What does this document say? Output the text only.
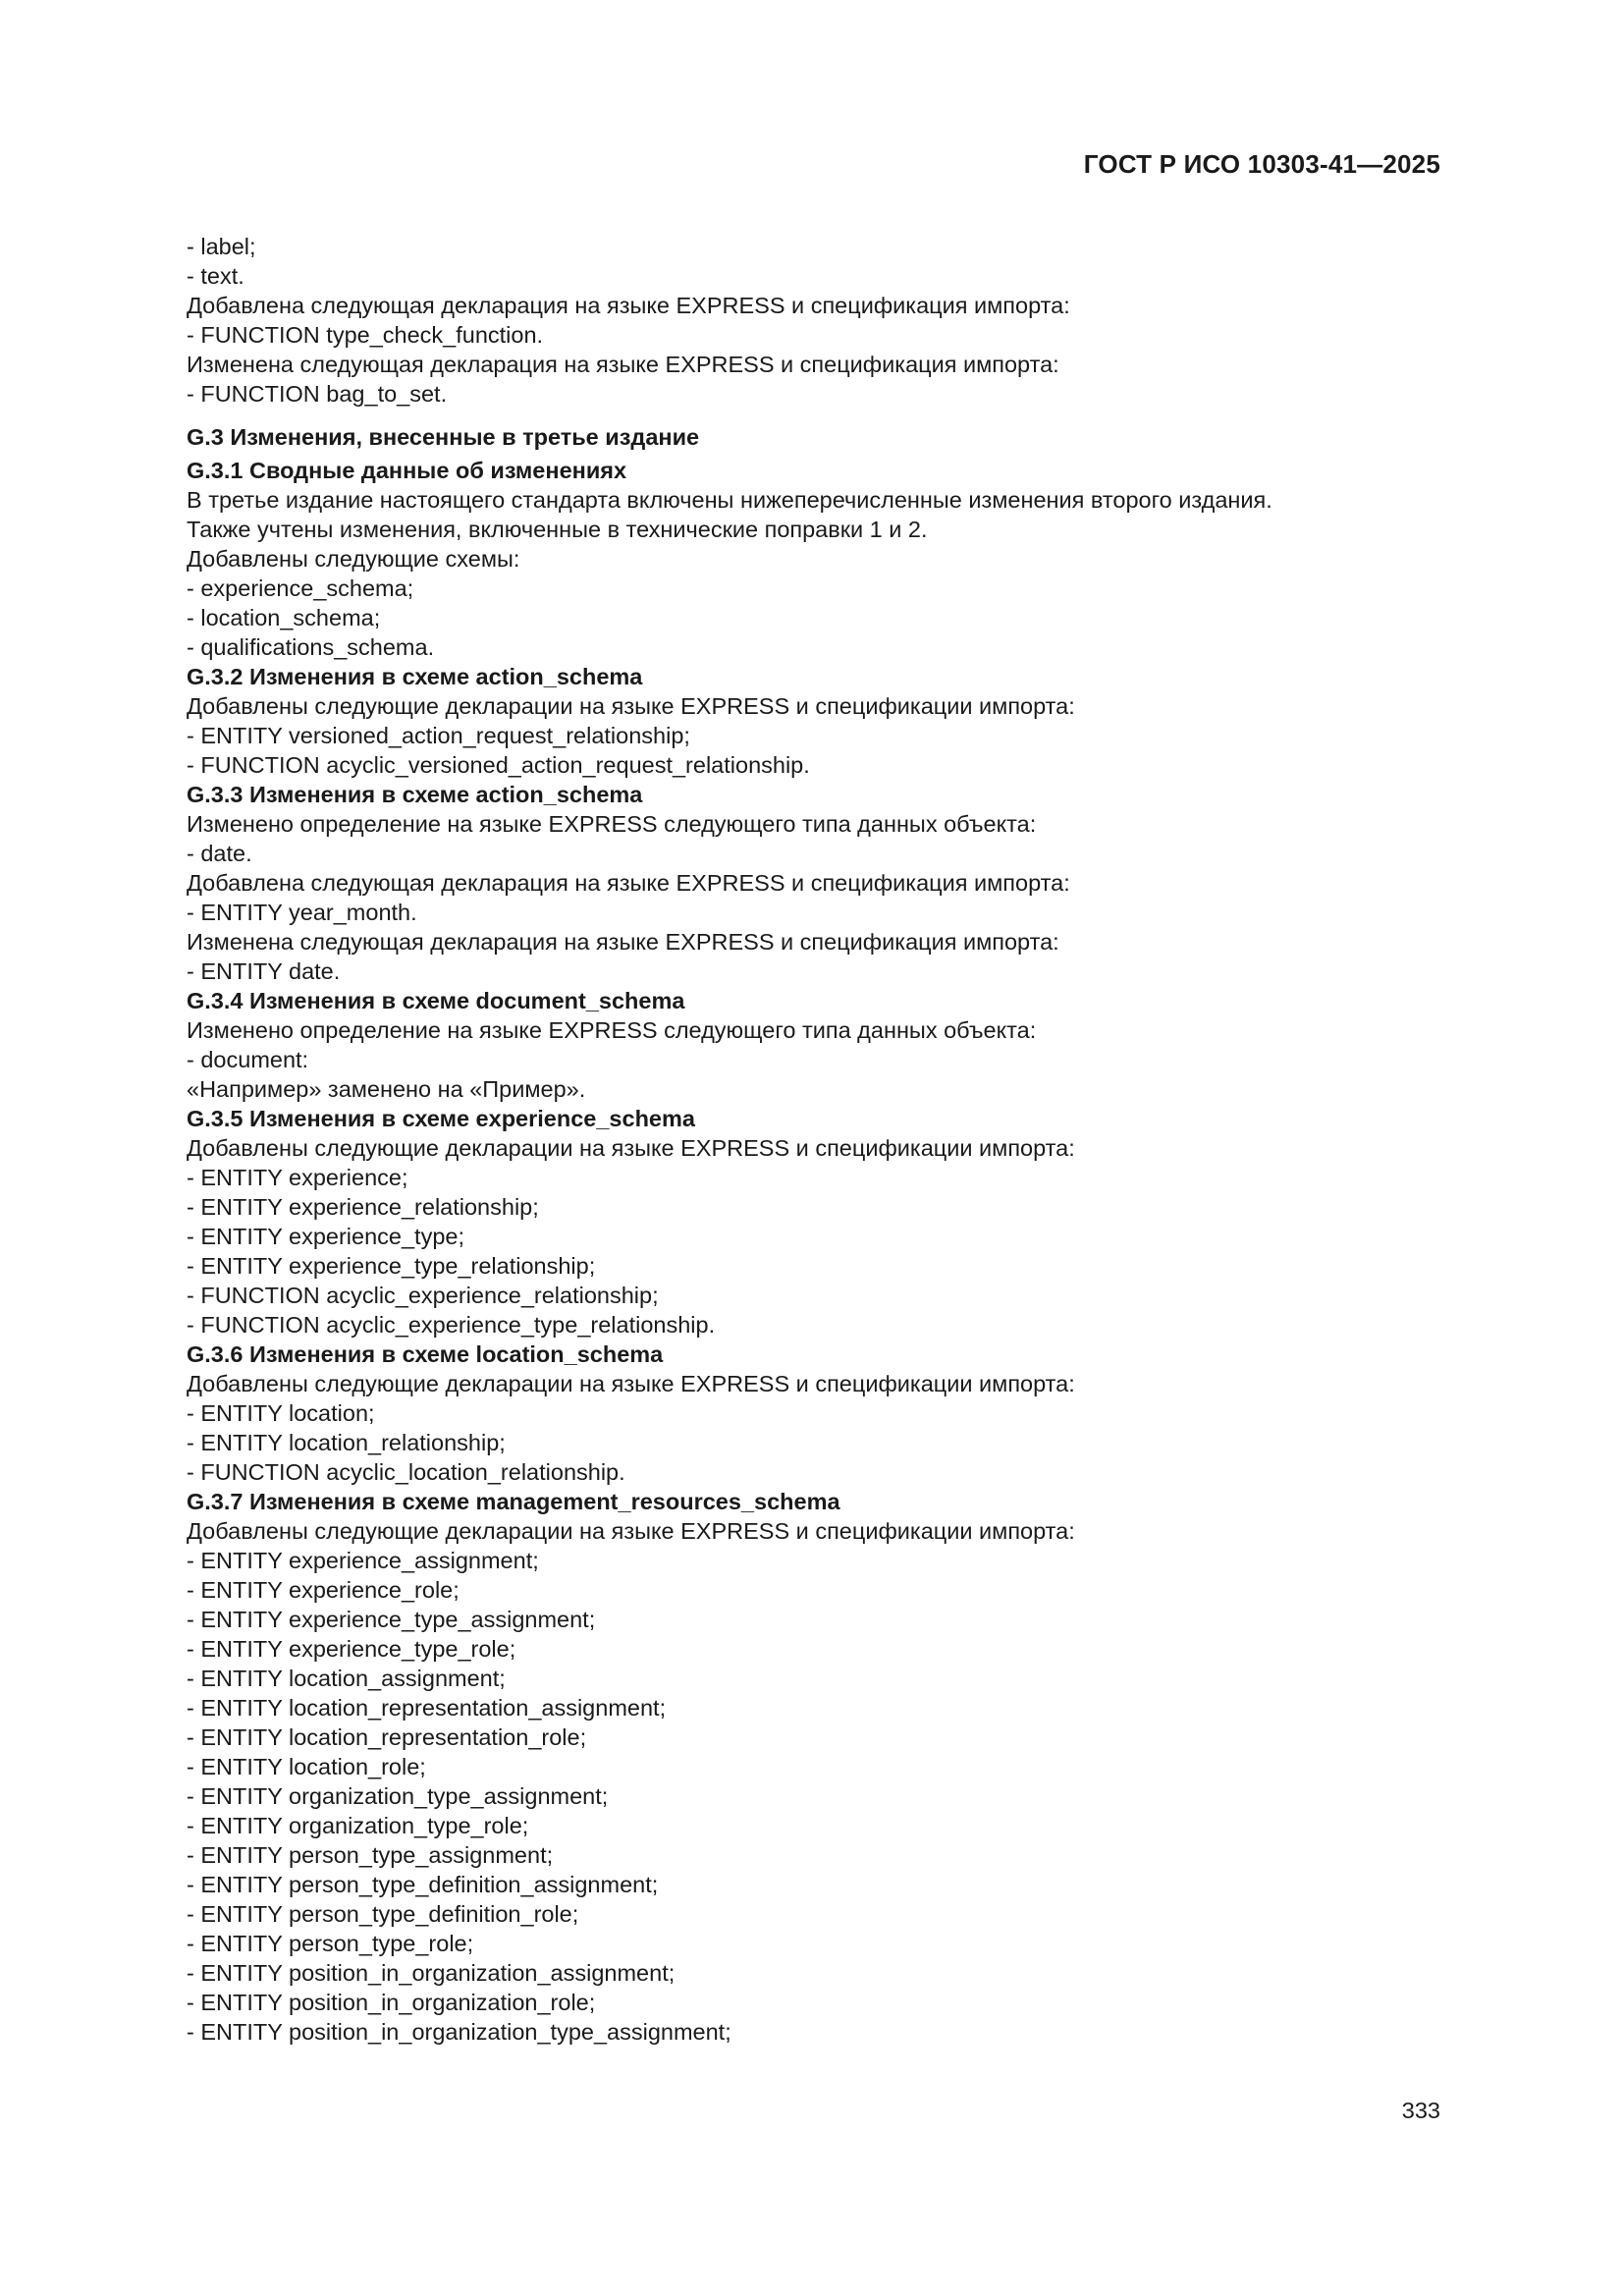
ГОСТ Р ИСО 10303-41—2025
- label;
- text.
Добавлена следующая декларация на языке EXPRESS и спецификация импорта:
- FUNCTION type_check_function.
Изменена следующая декларация на языке EXPRESS и спецификация импорта:
- FUNCTION bag_to_set.
G.3 Изменения, внесенные в третье издание
G.3.1 Сводные данные об изменениях
В третье издание настоящего стандарта включены нижеперечисленные изменения второго издания.
Также учтены изменения, включенные в технические поправки 1 и 2.
Добавлены следующие схемы:
- experience_schema;
- location_schema;
- qualifications_schema.
G.3.2 Изменения в схеме action_schema
Добавлены следующие декларации на языке EXPRESS и спецификации импорта:
- ENTITY versioned_action_request_relationship;
- FUNCTION acyclic_versioned_action_request_relationship.
G.3.3 Изменения в схеме action_schema
Изменено определение на языке EXPRESS следующего типа данных объекта:
- date.
Добавлена следующая декларация на языке EXPRESS и спецификация импорта:
- ENTITY year_month.
Изменена следующая декларация на языке EXPRESS и спецификация импорта:
- ENTITY date.
G.3.4 Изменения в схеме document_schema
Изменено определение на языке EXPRESS следующего типа данных объекта:
- document:
«Например» заменено на «Пример».
G.3.5 Изменения в схеме experience_schema
Добавлены следующие декларации на языке EXPRESS и спецификации импорта:
- ENTITY experience;
- ENTITY experience_relationship;
- ENTITY experience_type;
- ENTITY experience_type_relationship;
- FUNCTION acyclic_experience_relationship;
- FUNCTION acyclic_experience_type_relationship.
G.3.6 Изменения в схеме location_schema
Добавлены следующие декларации на языке EXPRESS и спецификации импорта:
- ENTITY location;
- ENTITY location_relationship;
- FUNCTION acyclic_location_relationship.
G.3.7 Изменения в схеме management_resources_schema
Добавлены следующие декларации на языке EXPRESS и спецификации импорта:
- ENTITY experience_assignment;
- ENTITY experience_role;
- ENTITY experience_type_assignment;
- ENTITY experience_type_role;
- ENTITY location_assignment;
- ENTITY location_representation_assignment;
- ENTITY location_representation_role;
- ENTITY location_role;
- ENTITY organization_type_assignment;
- ENTITY organization_type_role;
- ENTITY person_type_assignment;
- ENTITY person_type_definition_assignment;
- ENTITY person_type_definition_role;
- ENTITY person_type_role;
- ENTITY position_in_organization_assignment;
- ENTITY position_in_organization_role;
- ENTITY position_in_organization_type_assignment;
333
